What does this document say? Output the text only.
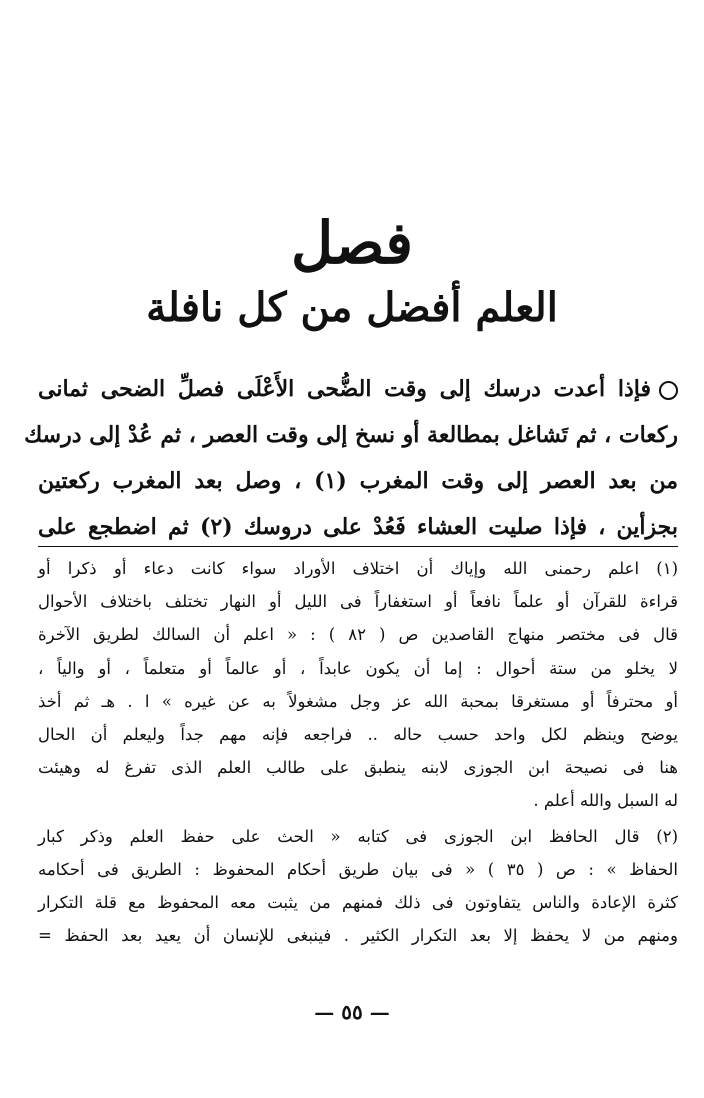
فصل
العلم أفضل من كل نافلة
فإذا أعدت درسك إلى وقت الضُّحى الأَعْلَى فصلِّ الضحى ثمانى
ركعات ، ثم تَشاغل بمطالعة أو نسخ إلى وقت العصر ، ثم عُدْ إلى درسك
من بعد العصر إلى وقت المغرب (١) ، وصل بعد المغرب ركعتين
بجزأين ، فإذا صليت العشاء فَعُدْ على دروسك (٢) ثم اضطجع على
(١) اعلم رحمنى الله وإياك أن اختلاف الأوراد سواء كانت دعاء أو ذكرا أو
قراءة للقرآن أو علماً نافعاً أو استغفاراً فى الليل أو النهار تختلف باختلاف الأحوال
قال فى مختصر منهاج القاصدين ص ( ٨٢ ) : « اعلم أن السالك لطريق الآخرة
لا يخلو من ستة أحوال : إما أن يكون عابداً ، أو عالماً أو متعلماً ، أو والياً ،
أو محترفاً أو مستغرقا بمحبة الله عز وجل مشغولاً به عن غيره » ا . هـ ثم أخذ
يوضح وينظم لكل واحد حسب حاله .. فراجعه فإنه مهم جداً وليعلم أن الحال
هنا فى نصيحة ابن الجوزى لابنه ينطبق على طالب العلم الذى تفرغ له وهيئت
له السبل والله أعلم .
(٢) قال الحافظ ابن الجوزى فى كتابه « الحث على حفظ العلم وذكر كبار
الحفاظ » : ص ( ٣٥ ) « فى بيان طريق أحكام المحفوظ : الطريق فى أحكامه
كثرة الإعادة والناس يتفاوتون فى ذلك فمنهم من يثبت معه المحفوظ مع قلة التكرار
ومنهم من لا يحفظ إلا بعد التكرار الكثير . فينبغى للإنسان أن يعيد بعد الحفظ =
— ٥٥ —
